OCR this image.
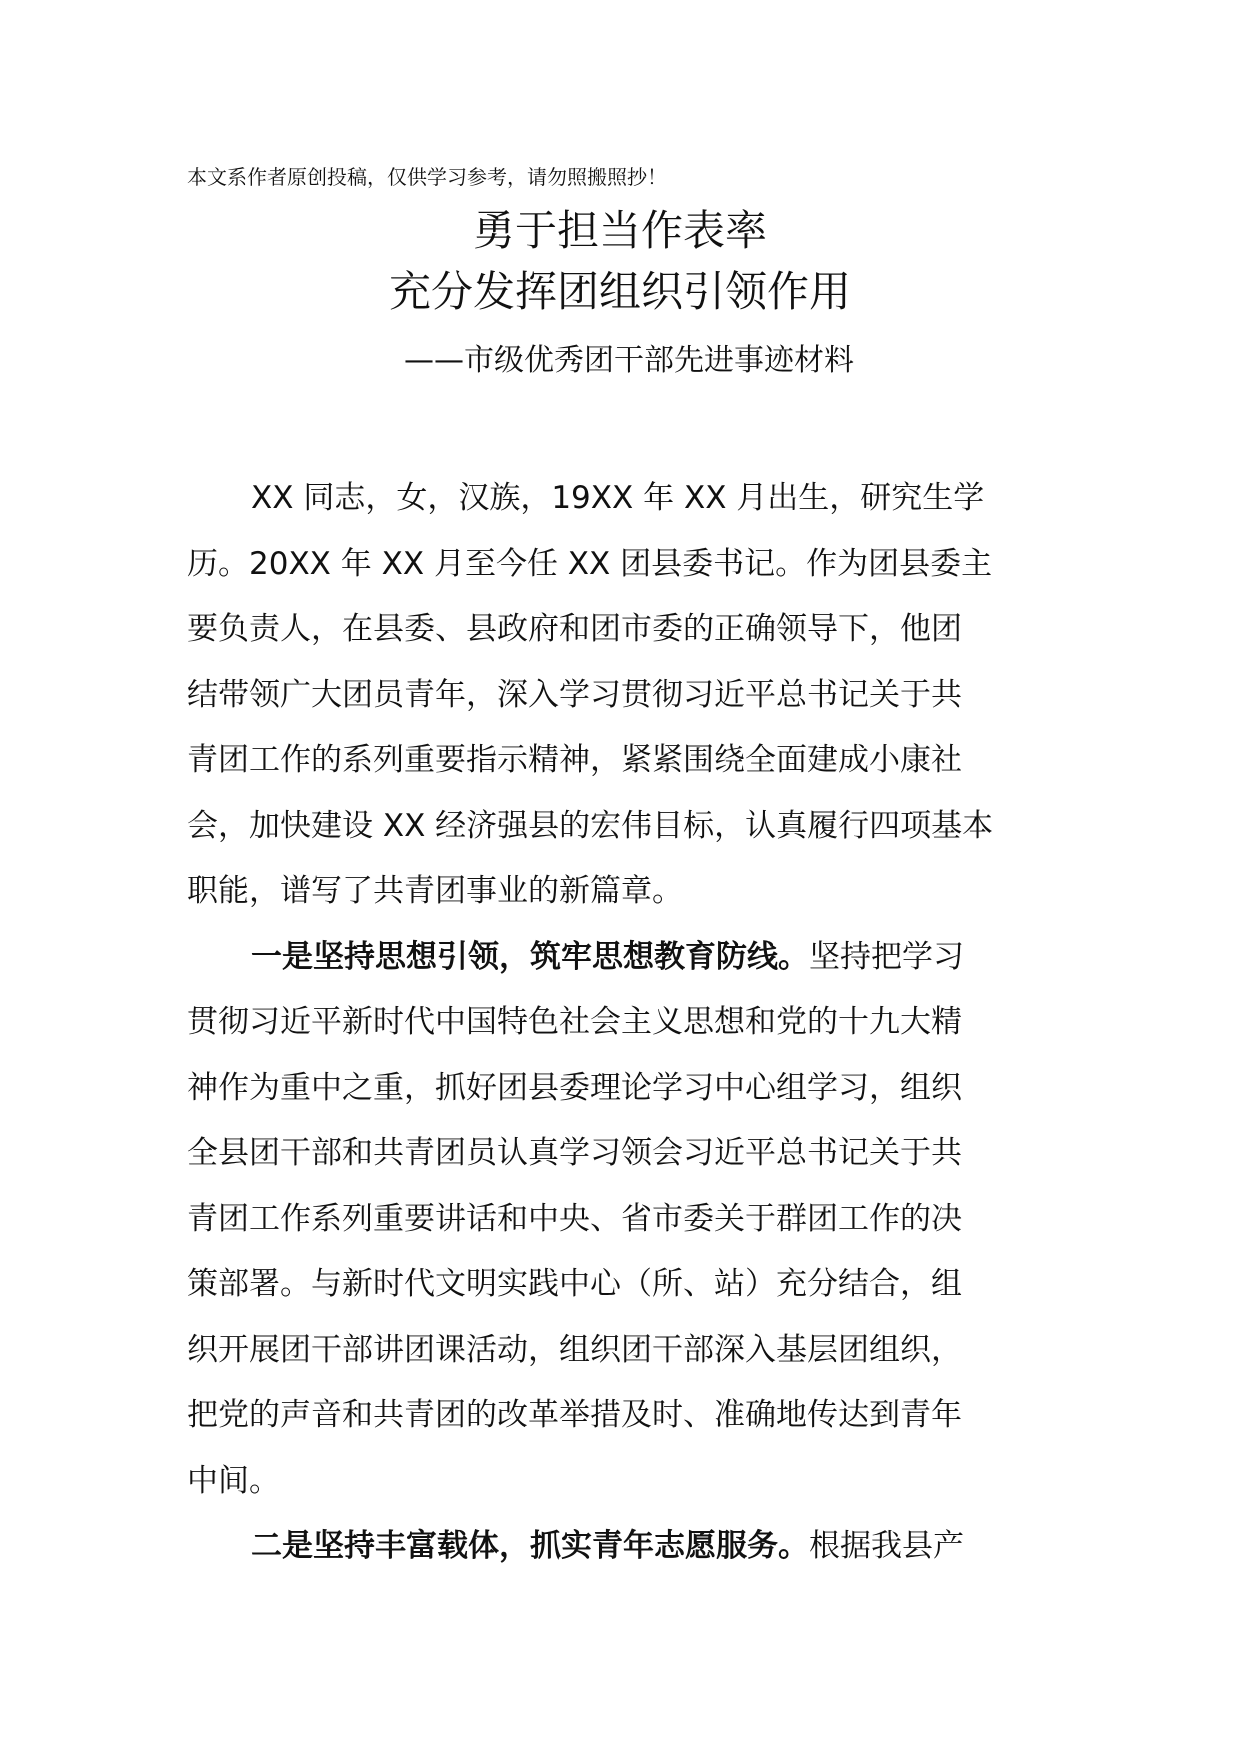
本文系作者原创投稿，仅供学习参考，请勿照搬照抄！
勇于担当作表率
充分发挥团组织引领作用
——市级优秀团干部先进事迹材料
XX 同志，女，汉族，19XX 年 XX 月出生，研究生学
历。20XX 年 XX 月至今任 XX 团县委书记。作为团县委主
要负责人，在县委、县政府和团市委的正确领导下，他团
结带领广大团员青年，深入学习贯彻习近平总书记关于共
青团工作的系列重要指示精神，紧紧围绕全面建成小康社
会，加快建设 XX 经济强县的宏伟目标，认真履行四项基本
职能，谱写了共青团事业的新篇章。
一是坚持思想引领，筑牢思想教育防线。坚持把学习
贯彻习近平新时代中国特色社会主义思想和党的十九大精
神作为重中之重，抓好团县委理论学习中心组学习，组织
全县团干部和共青团员认真学习领会习近平总书记关于共
青团工作系列重要讲话和中央、省市委关于群团工作的决
策部署。与新时代文明实践中心（所、站）充分结合，组
织开展团干部讲团课活动，组织团干部深入基层团组织，
把党的声音和共青团的改革举措及时、准确地传达到青年
中间。
二是坚持丰富载体，抓实青年志愿服务。根据我县产
